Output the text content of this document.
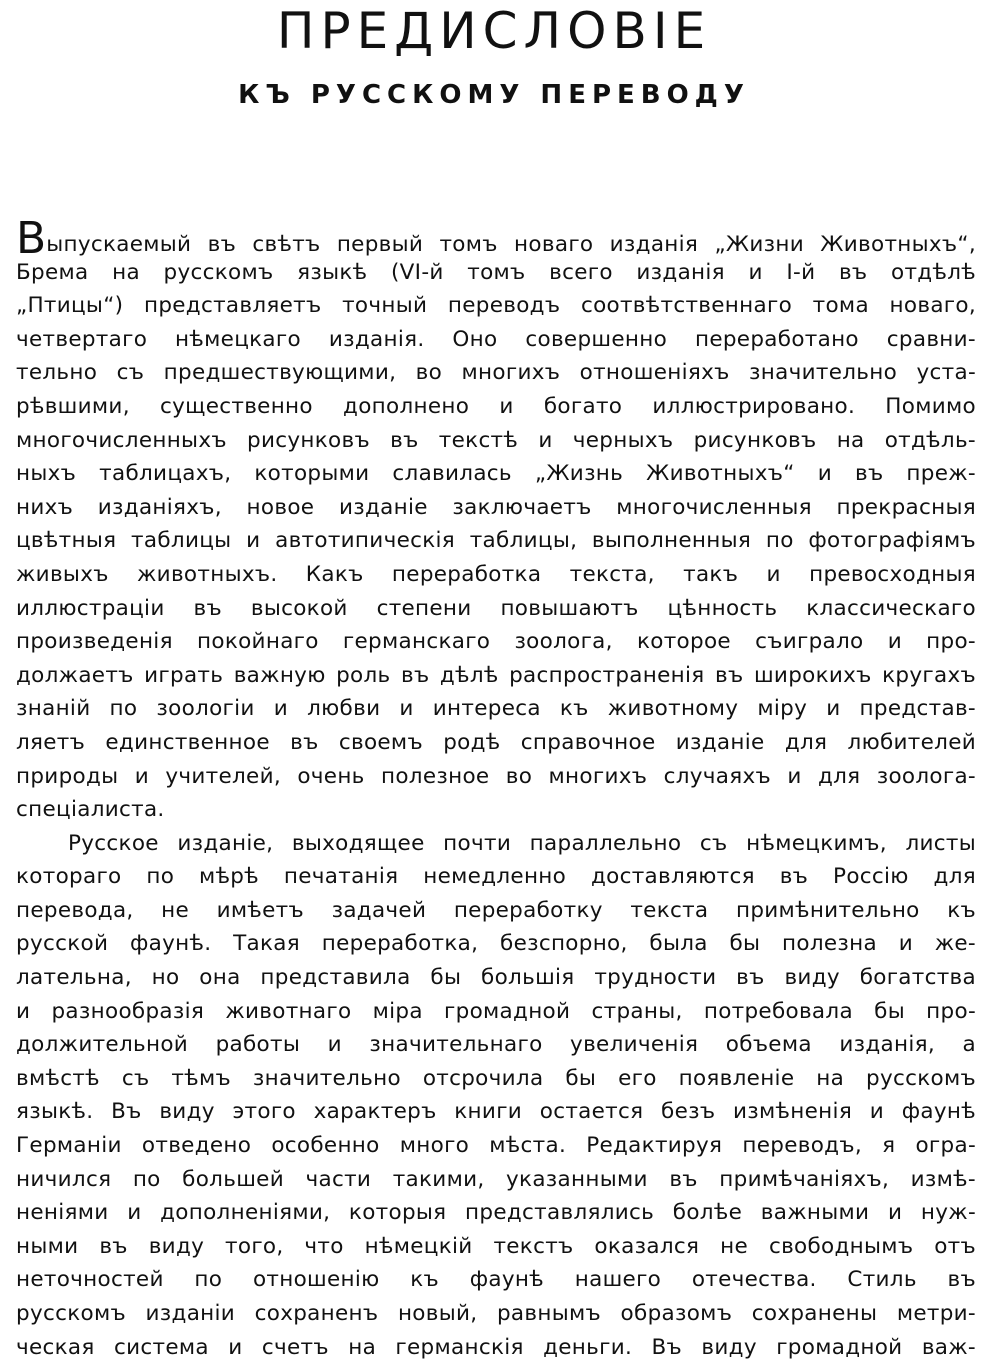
ПРЕДИСЛОВІЕ
КЪ РУССКОМУ ПЕРЕВОДУ
Выпускаемый въ свѣтъ первый томъ новаго изданія „Жизни Животныхъ“,
Брема на русскомъ языкѣ (VI-й томъ всего изданія и I-й въ отдѣлѣ
„Птицы“) представляетъ точный переводъ соотвѣтственнаго тома новаго,
четвертаго нѣмецкаго изданія. Оно совершенно переработано сравни-
тельно съ предшествующими, во многихъ отношеніяхъ значительно уста-
рѣвшими, существенно дополнено и богато иллюстрировано. Помимо
многочисленныхъ рисунковъ въ текстѣ и черныхъ рисунковъ на отдѣль-
ныхъ таблицахъ, которыми славилась „Жизнь Животныхъ“ и въ преж-
нихъ изданіяхъ, новое изданіе заключаетъ многочисленныя прекрасныя
цвѣтныя таблицы и автотипическія таблицы, выполненныя по фотографіямъ
живыхъ животныхъ. Какъ переработка текста, такъ и превосходныя
иллюстраціи въ высокой степени повышаютъ цѣнность классическаго
произведенія покойнаго германскаго зоолога, которое съиграло и про-
должаетъ играть важную роль въ дѣлѣ распространенія въ широкихъ кругахъ
знаній по зоологіи и любви и интереса къ животному міру и представ-
ляетъ единственное въ своемъ родѣ справочное изданіе для любителей
природы и учителей, очень полезное во многихъ случаяхъ и для зоолога-
спеціалиста.
Русское изданіе, выходящее почти параллельно съ нѣмецкимъ, листы
котораго по мѣрѣ печатанія немедленно доставляются въ Россію для
перевода, не имѣетъ задачей переработку текста примѣнительно къ
русской фаунѣ. Такая переработка, безспорно, была бы полезна и же-
лательна, но она представила бы большія трудности въ виду богатства
и разнообразія животнаго міра громадной страны, потребовала бы про-
должительной работы и значительнаго увеличенія объема изданія, а
вмѣстѣ съ тѣмъ значительно отсрочила бы его появленіе на русскомъ
языкѣ. Въ виду этого характеръ книги остается безъ измѣненія и фаунѣ
Германіи отведено особенно много мѣста. Редактируя переводъ, я огра-
ничился по большей части такими, указанными въ примѣчаніяхъ, измѣ-
неніями и дополненіями, которыя представлялись болѣе важными и нуж-
ными въ виду того, что нѣмецкій текстъ оказался не свободнымъ отъ
неточностей по отношенію къ фаунѣ нашего отечества. Стиль въ
русскомъ изданіи сохраненъ новый, равнымъ образомъ сохранены метри-
ческая система и счетъ на германскія деньги. Въ виду громадной важ-
